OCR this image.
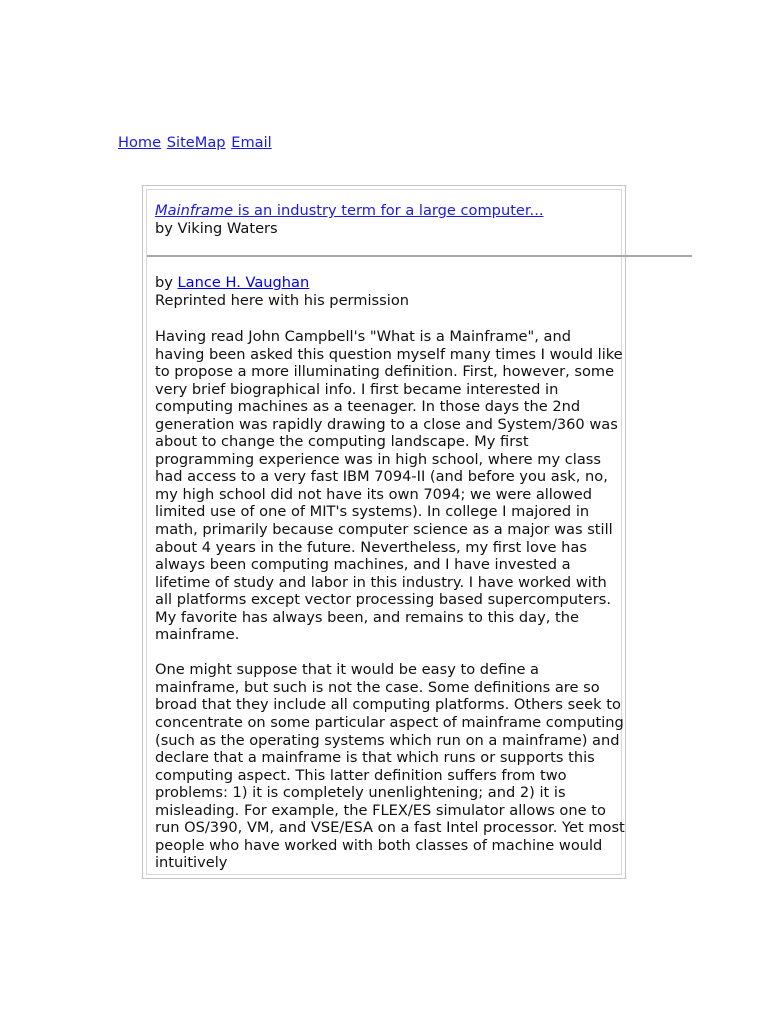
Home SiteMap Email
Mainframe is an industry term for a large computer...
by Viking Waters
by Lance H. Vaughan
Reprinted here with his permission

Having read John Campbell's "What is a Mainframe", and having been asked this question myself many times I would like to propose a more illuminating definition. First, however, some very brief biographical info. I first became interested in computing machines as a teenager. In those days the 2nd generation was rapidly drawing to a close and System/360 was about to change the computing landscape. My first programming experience was in high school, where my class had access to a very fast IBM 7094-II (and before you ask, no, my high school did not have its own 7094; we were allowed limited use of one of MIT's systems). In college I majored in math, primarily because computer science as a major was still about 4 years in the future. Nevertheless, my first love has always been computing machines, and I have invested a lifetime of study and labor in this industry. I have worked with all platforms except vector processing based supercomputers. My favorite has always been, and remains to this day, the mainframe.

One might suppose that it would be easy to define a mainframe, but such is not the case. Some definitions are so broad that they include all computing platforms. Others seek to concentrate on some particular aspect of mainframe computing (such as the operating systems which run on a mainframe) and declare that a mainframe is that which runs or supports this computing aspect. This latter definition suffers from two problems: 1) it is completely unenlightening; and 2) it is misleading. For example, the FLEX/ES simulator allows one to run OS/390, VM, and VSE/ESA on a fast Intel processor. Yet most people who have worked with both classes of machine would intuitively
